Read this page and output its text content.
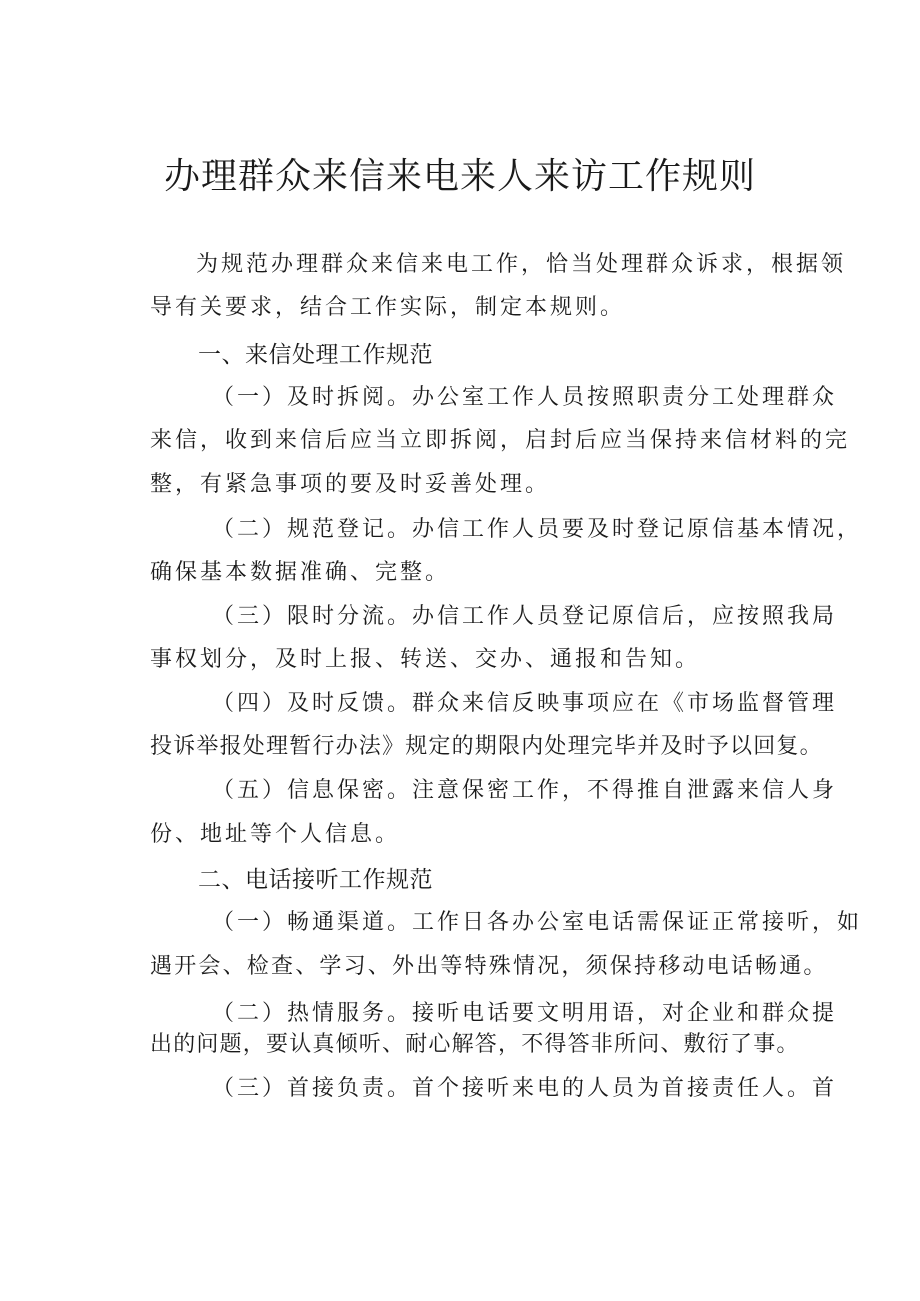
办理群众来信来电来人来访工作规则

为规范办理群众来信来电工作，恰当处理群众诉求，根据领

导有关要求，结合工作实际，制定本规则。

一、来信处理工作规范

（一）及时拆阅。办公室工作人员按照职责分工处理群众

来信，收到来信后应当立即拆阅，启封后应当保持来信材料的完

整，有紧急事项的要及时妥善处理。

（二）规范登记。办信工作人员要及时登记原信基本情况，

确保基本数据准确、完整。

（三）限时分流。办信工作人员登记原信后，应按照我局

事权划分，及时上报、转送、交办、通报和告知。

（四）及时反馈。群众来信反映事项应在《市场监督管理

投诉举报处理暂行办法》规定的期限内处理完毕并及时予以回复。

（五）信息保密。注意保密工作，不得推自泄露来信人身

份、地址等个人信息。

二、电话接听工作规范

（一）畅通渠道。工作日各办公室电话需保证正常接听，如

遇开会、检查、学习、外出等特殊情况，须保持移动电话畅通。

（二）热情服务。接听电话要文明用语，对企业和群众提

出的问题，要认真倾听、耐心解答，不得答非所问、敷衍了事。

（三）首接负责。首个接听来电的人员为首接责任人。首
